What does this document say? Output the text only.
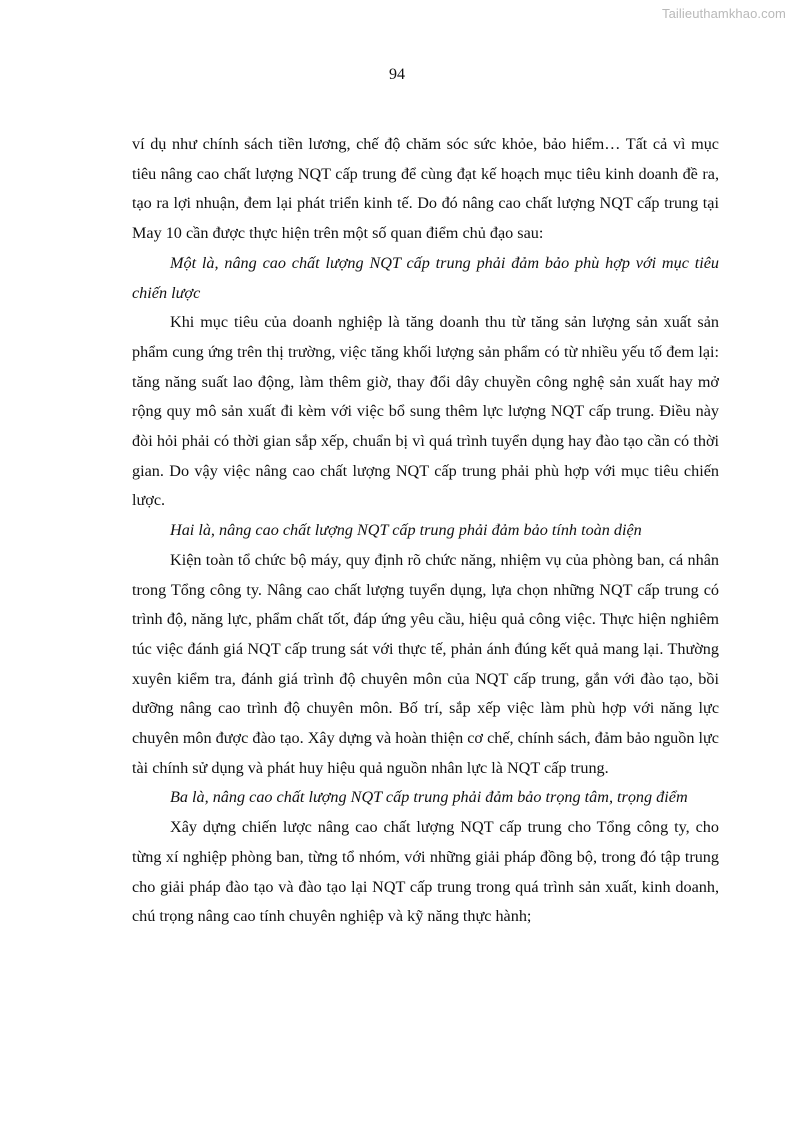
Tailieuthamkhao.com
94

ví dụ như chính sách tiền lương, chế độ chăm sóc sức khỏe, bảo hiểm… Tất cả vì mục tiêu nâng cao chất lượng NQT cấp trung để cùng đạt kế hoạch mục tiêu kinh doanh đề ra, tạo ra lợi nhuận, đem lại phát triển kinh tế. Do đó nâng cao chất lượng NQT cấp trung tại May 10 cần được thực hiện trên một số quan điểm chủ đạo sau:

Một là, nâng cao chất lượng NQT cấp trung phải đảm bảo phù hợp với mục tiêu chiến lược

Khi mục tiêu của doanh nghiệp là tăng doanh thu từ tăng sản lượng sản xuất sản phẩm cung ứng trên thị trường, việc tăng khối lượng sản phẩm có từ nhiều yếu tố đem lại: tăng năng suất lao động, làm thêm giờ, thay đổi dây chuyền công nghệ sản xuất hay mở rộng quy mô sản xuất đi kèm với việc bổ sung thêm lực lượng NQT cấp trung. Điều này đòi hỏi phải có thời gian sắp xếp, chuẩn bị vì quá trình tuyển dụng hay đào tạo cần có thời gian. Do vậy việc nâng cao chất lượng NQT cấp trung phải phù hợp với mục tiêu chiến lược.

Hai là, nâng cao chất lượng NQT cấp trung phải đảm bảo tính toàn diện

Kiện toàn tổ chức bộ máy, quy định rõ chức năng, nhiệm vụ của phòng ban, cá nhân trong Tổng công ty. Nâng cao chất lượng tuyển dụng, lựa chọn những NQT cấp trung có trình độ, năng lực, phẩm chất tốt, đáp ứng yêu cầu, hiệu quả công việc. Thực hiện nghiêm túc việc đánh giá NQT cấp trung sát với thực tế, phản ánh đúng kết quả mang lại. Thường xuyên kiểm tra, đánh giá trình độ chuyên môn của NQT cấp trung, gắn với đào tạo, bồi dưỡng nâng cao trình độ chuyên môn. Bố trí, sắp xếp việc làm phù hợp với năng lực chuyên môn được đào tạo. Xây dựng và hoàn thiện cơ chế, chính sách, đảm bảo nguồn lực tài chính sử dụng và phát huy hiệu quả nguồn nhân lực là NQT cấp trung.

Ba là, nâng cao chất lượng NQT cấp trung phải đảm bảo trọng tâm, trọng điểm

Xây dựng chiến lược nâng cao chất lượng NQT cấp trung cho Tổng công ty, cho từng xí nghiệp phòng ban, từng tổ nhóm, với những giải pháp đồng bộ, trong đó tập trung cho giải pháp đào tạo và đào tạo lại NQT cấp trung trong quá trình sản xuất, kinh doanh, chú trọng nâng cao tính chuyên nghiệp và kỹ năng thực hành;
